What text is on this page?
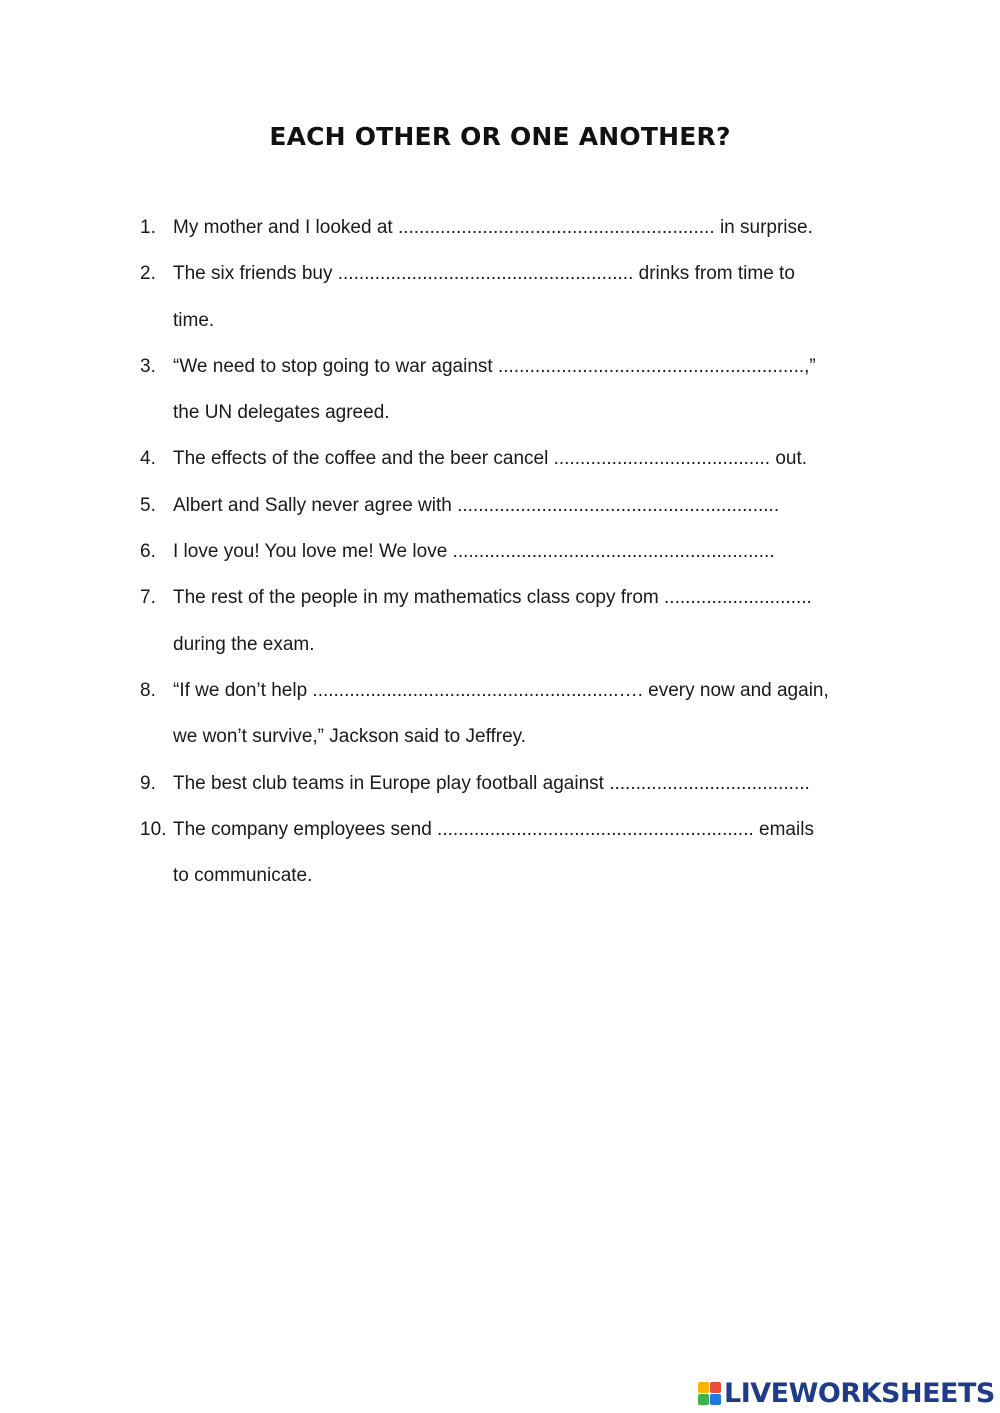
EACH OTHER OR ONE ANOTHER?
1. My mother and I looked at ............................................................ in surprise.
2. The six friends buy ........................................................ drinks from time to
time.
3. “We need to stop going to war against ..........................................................,”
the UN delegates agreed.
4. The effects of the coffee and the beer cancel ......................................... out.
5. Albert and Sally never agree with .............................................................
6. I love you! You love me! We love .............................................................
7. The rest of the people in my mathematics class copy from ............................
during the exam.
8. “If we don’t help ..........................................................…. every now and again,
we won’t survive,” Jackson said to Jeffrey.
9. The best club teams in Europe play football against ......................................
10. The company employees send ............................................................ emails
to communicate.
LIVEWORKSHEETS
